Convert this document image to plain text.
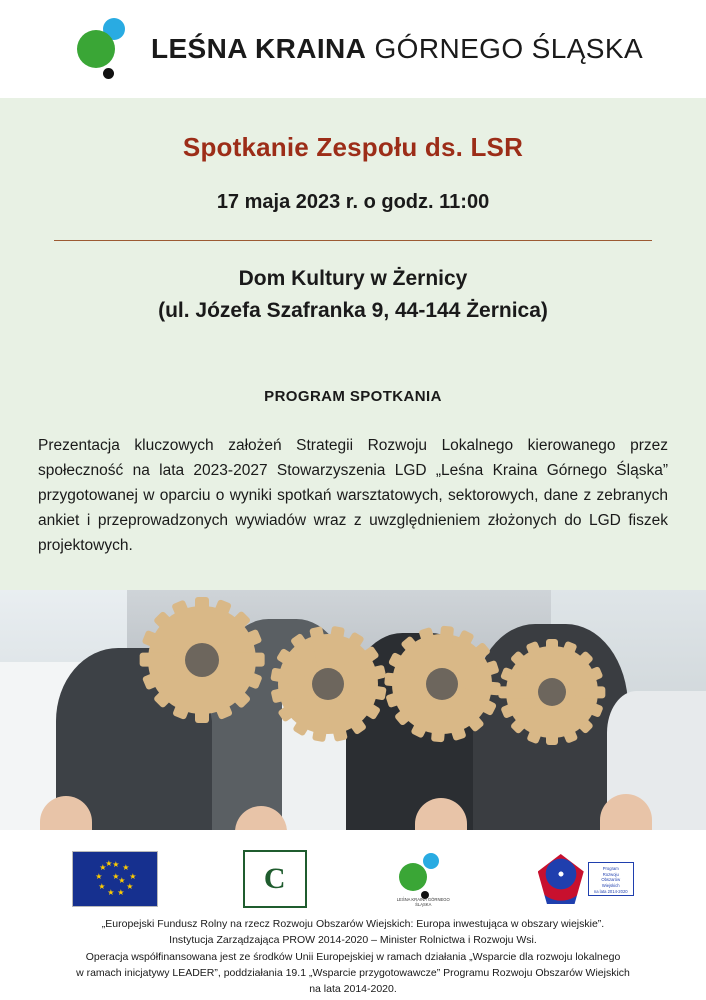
LEŚNA KRAINA GÓRNEGO ŚLĄSKA
Spotkanie Zespołu ds. LSR
17 maja 2023 r. o godz. 11:00
Dom Kultury w Żernicy
(ul. Józefa Szafranka 9, 44-144 Żernica)
PROGRAM SPOTKANIA
Prezentacja kluczowych założeń Strategii Rozwoju Lokalnego kierowanego przez społeczność na lata 2023-2027 Stowarzyszenia LGD „Leśna Kraina Górnego Śląska” przygotowanej w oparciu o wyniki spotkań warsztatowych, sektorowych, dane z zebranych ankiet i przeprowadzonych wywiadów wraz z uwzględnieniem złożonych do LGD fiszek projektowych.
★ ★
★
★
★
★
★
★
★
★
★
★	C
LEŚNA KRAINA GÓRNEGO ŚLĄSKA
Program
Rozwoju
Obszarów
Wiejskich
na lata 2014-2020

„Europejski Fundusz Rolny na rzecz Rozwoju Obszarów Wiejskich: Europa inwestująca w obszary wiejskie”.

Instytucja Zarządzająca PROW 2014-2020 – Minister Rolnictwa i Rozwoju Wsi.

Operacja współfinansowana jest ze środków Unii Europejskiej w ramach działania „Wsparcie dla rozwoju lokalnego

w ramach inicjatywy LEADER”, poddziałania 19.1 „Wsparcie przygotowawcze” Programu Rozwoju Obszarów Wiejskich

na lata 2014-2020.
